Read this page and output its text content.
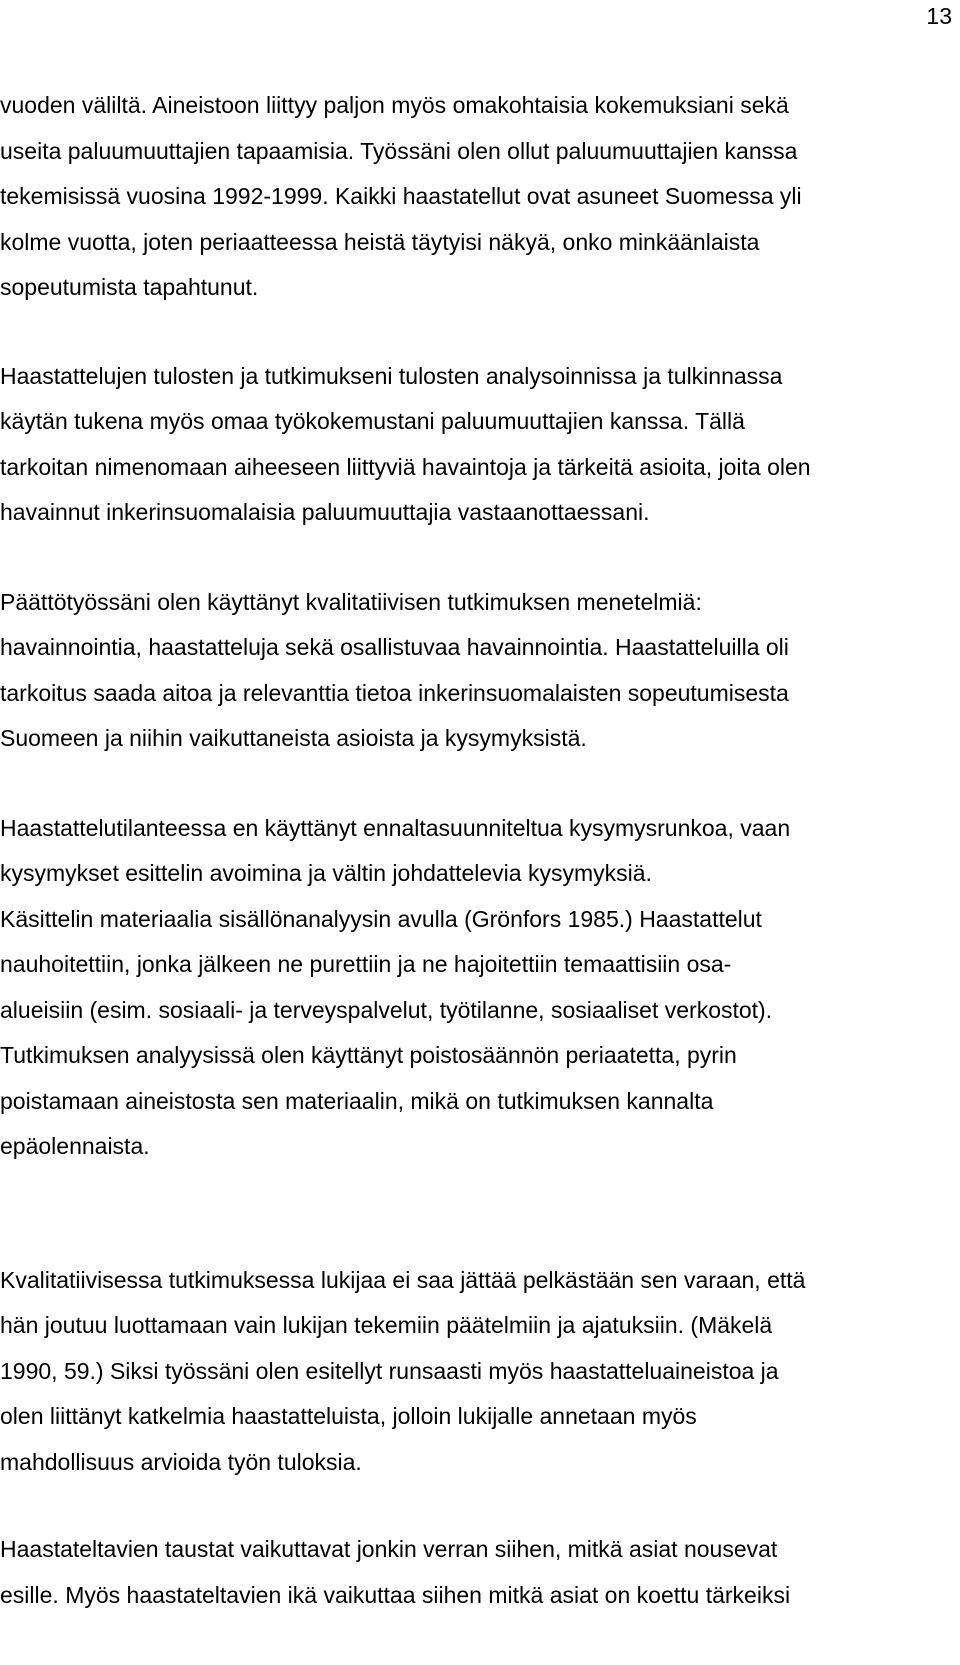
13
vuoden väliltä. Aineistoon liittyy paljon myös omakohtaisia kokemuksiani sekä
useita paluumuuttajien tapaamisia. Työssäni olen ollut paluumuuttajien kanssa
tekemisissä vuosina 1992-1999. Kaikki haastatellut ovat asuneet Suomessa yli
kolme vuotta, joten periaatteessa heistä täytyisi näkyä, onko minkäänlaista
sopeutumista tapahtunut.
Haastattelujen tulosten ja tutkimukseni tulosten analysoinnissa ja tulkinnassa
käytän tukena myös omaa työkokemustani paluumuuttajien kanssa. Tällä
tarkoitan nimenomaan aiheeseen liittyviä havaintoja ja tärkeitä asioita, joita olen
havainnut inkerinsuomalaisia paluumuuttajia vastaanottaessani.
Päättötyössäni olen käyttänyt kvalitatiivisen tutkimuksen menetelmiä:
havainnointia, haastatteluja sekä osallistuvaa havainnointia. Haastatteluilla oli
tarkoitus saada aitoa ja relevanttia tietoa inkerinsuomalaisten sopeutumisesta
Suomeen ja niihin vaikuttaneista asioista ja kysymyksistä.
Haastattelutilanteessa en käyttänyt ennaltasuunniteltua kysymysrunkoa, vaan
kysymykset esittelin avoimina ja vältin johdattelevia kysymyksiä.
Käsittelin materiaalia sisällönanalyysin avulla (Grönfors 1985.) Haastattelut
nauhoitettiin, jonka jälkeen ne purettiin ja ne hajoitettiin temaattisiin osa-
alueisiin (esim. sosiaali- ja terveyspalvelut, työtilanne, sosiaaliset verkostot).
Tutkimuksen analyysissä olen käyttänyt poistosäännön periaatetta, pyrin
poistamaan aineistosta sen materiaalin, mikä on tutkimuksen kannalta
epäolennaista.
Kvalitatiivisessa tutkimuksessa lukijaa ei saa jättää pelkästään sen varaan, että
hän joutuu luottamaan vain lukijan tekemiin päätelmiin ja ajatuksiin. (Mäkelä
1990, 59.) Siksi työssäni olen esitellyt runsaasti myös haastatteluaineistoa ja
olen liittänyt katkelmia haastatteluista, jolloin lukijalle annetaan myös
mahdollisuus arvioida työn tuloksia.
Haastateltavien taustat vaikuttavat jonkin verran siihen, mitkä asiat nousevat
esille. Myös haastateltavien ikä vaikuttaa siihen mitkä asiat on koettu tärkeiksi
